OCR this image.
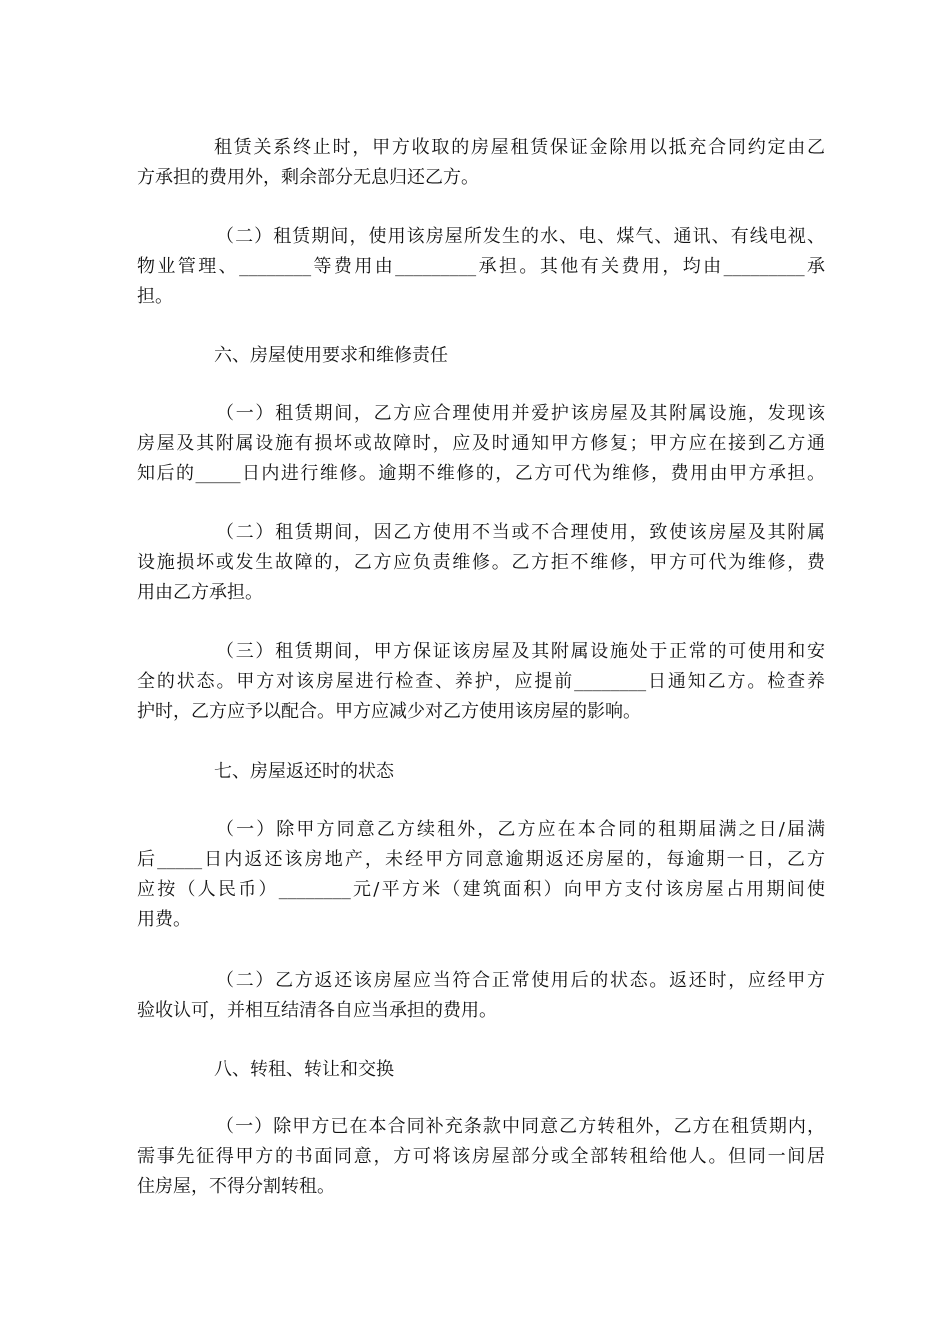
租赁关系终止时，甲方收取的房屋租赁保证金除用以抵充合同约定由乙
方承担的费用外，剩余部分无息归还乙方。
（二）租赁期间，使用该房屋所发生的水、电、煤气、通讯、有线电视、
物业管理、________等费用由_________承担。其他有关费用，均由_________承
担。
六、房屋使用要求和维修责任
（一）租赁期间，乙方应合理使用并爱护该房屋及其附属设施，发现该
房屋及其附属设施有损坏或故障时，应及时通知甲方修复；甲方应在接到乙方通
知后的_____日内进行维修。逾期不维修的，乙方可代为维修，费用由甲方承担。
（二）租赁期间，因乙方使用不当或不合理使用，致使该房屋及其附属
设施损坏或发生故障的，乙方应负责维修。乙方拒不维修，甲方可代为维修，费
用由乙方承担。
（三）租赁期间，甲方保证该房屋及其附属设施处于正常的可使用和安
全的状态。甲方对该房屋进行检查、养护，应提前________日通知乙方。检查养
护时，乙方应予以配合。甲方应减少对乙方使用该房屋的影响。
七、房屋返还时的状态
（一）除甲方同意乙方续租外，乙方应在本合同的租期届满之日/届满
后_____日内返还该房地产，未经甲方同意逾期返还房屋的，每逾期一日，乙方
应按（人民币）________元/平方米（建筑面积）向甲方支付该房屋占用期间使
用费。
（二）乙方返还该房屋应当符合正常使用后的状态。返还时，应经甲方
验收认可，并相互结清各自应当承担的费用。
八、转租、转让和交换
（一）除甲方已在本合同补充条款中同意乙方转租外，乙方在租赁期内，
需事先征得甲方的书面同意，方可将该房屋部分或全部转租给他人。但同一间居
住房屋，不得分割转租。
